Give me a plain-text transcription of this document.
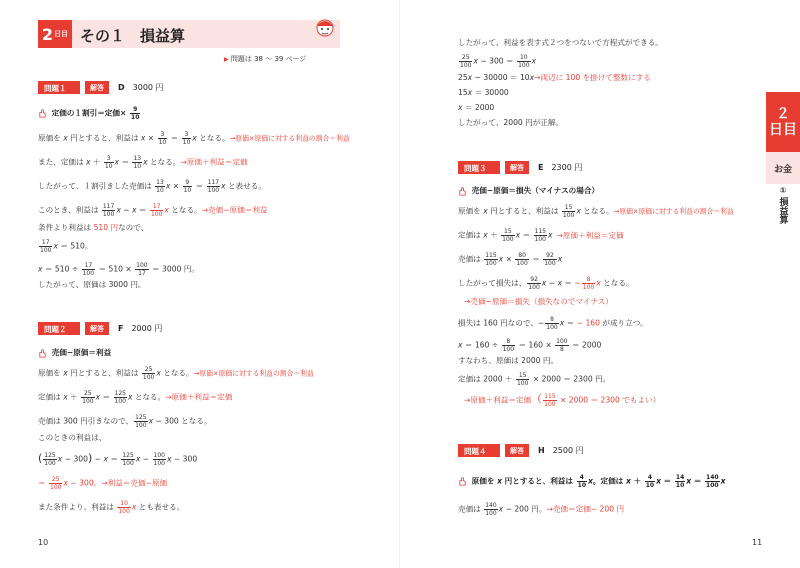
2 日目 その１　損益算
▶ 問題は 38 ～ 39 ページ
問題１	解答	D 3000 円
定価の１割引＝定価× $\frac{9}{10}$
原価を x 円とすると、利益は $x \times \frac{3}{10} = \frac{3}{10}$ x となる。→原価×原価に対する利益の割合＝利益
また、定価は $x + \frac{3}{10}$ $x = \frac{13}{10}$ x となる。→原価＋利益＝定価
したがって、１割引きした売価は $\frac{13}{10}$ $x \times \frac{9}{10} = \frac{117}{100}$ x と表せる。
このとき、利益は $\frac{117}{100}$ $x - x = \frac{17}{100}$ x となる。→売価−原価＝利益
条件より利益は 510 円なので、
$\frac{17}{100}$ x ＝ 510。
$x = 510 \div \frac{17}{100} = 510 \times \frac{100}{17} = 3000$ 円。
したがって、原価は 3000 円。
問題２	解答	F 2000 円
売価−原価＝利益
原価を x 円とすると、利益は $\frac{25}{100}$ x となる。→原価×原価に対する利益の割合＝利益
定価は $x + \frac{25}{100}$ $x = \frac{125}{100}$ x となる。→原価＋利益＝定価
売価は 300 円引きなので、 $\frac{125}{100}$ x − 300 となる。
このときの利益は、
( $\frac{125}{100}$ $x - 300) - x = \frac{125}{100}$ $x - \frac{100}{100}$ x − 300
＝ $\frac{25}{100}$ x − 300。→利益＝売価−原価
また条件より、利益は $\frac{10}{100}$ x とも表せる。
10
したがって、利益を表す式２つをつないで方程式ができる。
$\frac{25}{100}$ $x - 300 = \frac{10}{100}$ x
25x − 30000 ＝ 10x→両辺に 100 を掛けて整数にする
15x ＝ 30000
x ＝ 2000
したがって、2000 円が正解。
問題３	解答	E 2300 円
売価−原価＝損失（マイナスの場合）
原価を x 円とすると、利益は $\frac{15}{100}$ x となる。→原価×原価に対する利益の割合＝利益
定価は $x + \frac{15}{100}$ $x = \frac{115}{100}$ x →原価＋利益＝定価
売価は $\frac{115}{100}$ $x \times \frac{80}{100} = \frac{92}{100}$ x
したがって損失は、 $\frac{92}{100}$ x − x ＝ − $\frac{8}{100}$ x となる。
→売価−原価＝損失（損失なのでマイナス）
損失は 160 円なので、− $\frac{8}{100}$ x ＝ − 160 が成り立つ。
$x = 160 \div \frac{8}{100} = 160 \times \frac{100}{8} = 2000$
すなわち、原価は 2000 円。
定価は $2000 + \frac{15}{100} \times 2000 = 2300$ 円。
→原価＋利益＝定価（ $\frac{115}{100} \times 2000 = 2300$ でもよい）
問題４	解答	H 2500 円
原価を x 円とすると、利益は $\frac{4}{10}$ x。定価は $x + \frac{4}{10}$ $x = \frac{14}{10}$ $x = \frac{140}{100}$ x
売価は $\frac{140}{100}$ x − 200 円。→売価＝定価− 200 円
２
日目
お金
①
損益算
11
